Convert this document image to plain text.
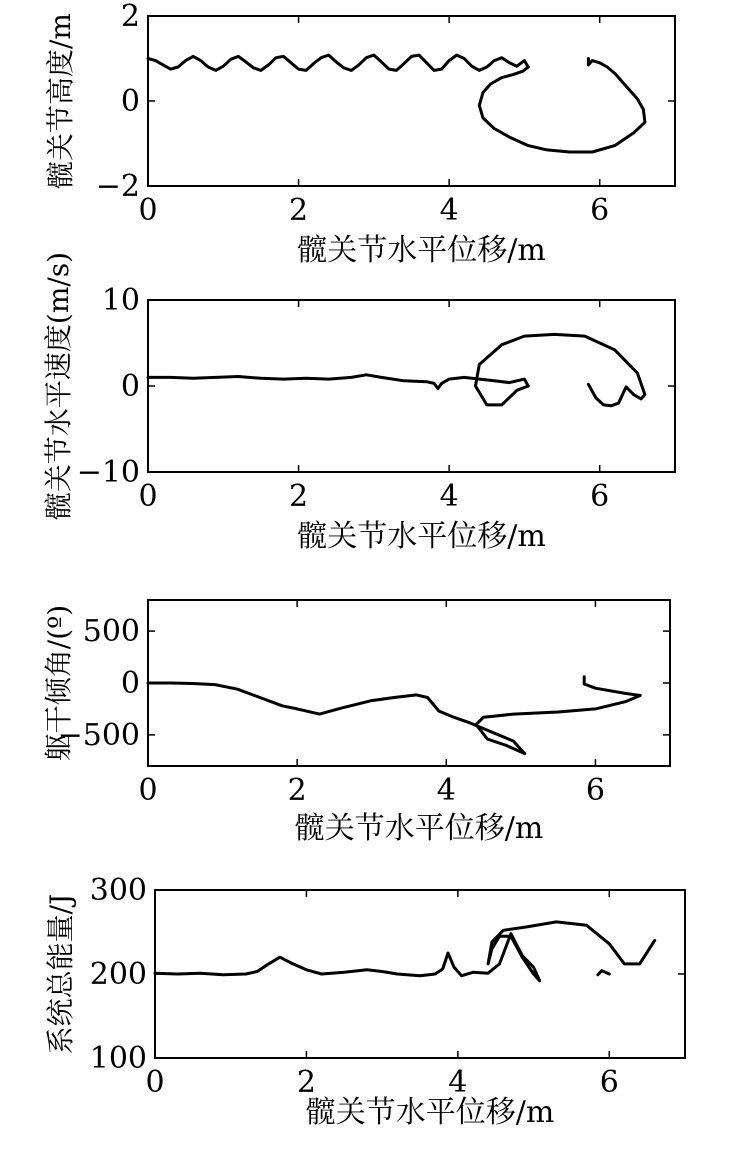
0	2	4	6
2
0
−2
髋关节水平位移/m
髋关节高度/m
0	2	4	6
10
0
−10
髋关节水平位移/m
髋关节水平速度(m/s)
0	2	4	6
500
0
−500
髋关节水平位移/m
躯干倾角/(º)
0	2	4	6
300
200
100
髋关节水平位移/m
系统总能量/J
